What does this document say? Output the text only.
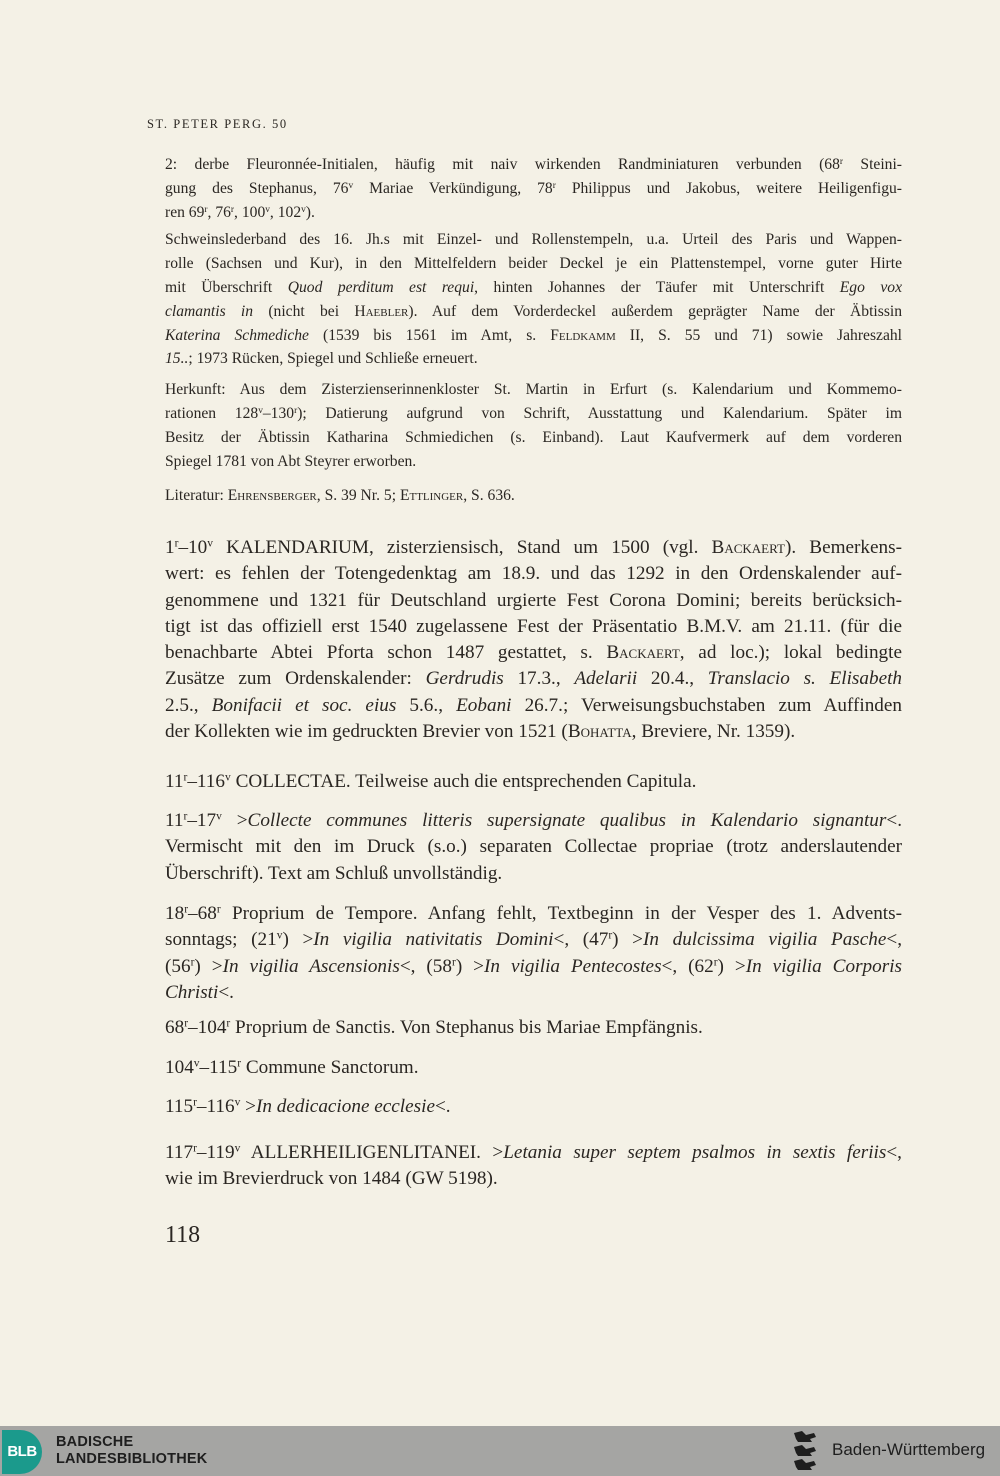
ST. PETER PERG. 50
2: derbe Fleuronnée-Initialen, häufig mit naiv wirkenden Randminiaturen verbunden (68$^r$ Steini-
gung des Stephanus, 76$^v$ Mariae Verkündigung, 78$^r$ Philippus und Jakobus, weitere Heiligenfigu-
ren 69$^r$, 76$^r$, 100$^v$, 102$^v$).
Schweinslederband des 16. Jh.s mit Einzel- und Rollenstempeln, u.a. Urteil des Paris und Wappen-
rolle (Sachsen und Kur), in den Mittelfeldern beider Deckel je ein Plattenstempel, vorne guter Hirte
mit Überschrift Quod perditum est requi, hinten Johannes der Täufer mit Unterschrift Ego vox
clamantis in (nicht bei Haebler). Auf dem Vorderdeckel außerdem geprägter Name der Äbtissin
Katerina Schmediche (1539 bis 1561 im Amt, s. Feldkamm II, S. 55 und 71) sowie Jahreszahl
15..; 1973 Rücken, Spiegel und Schließe erneuert.
Herkunft: Aus dem Zisterzienserinnenkloster St. Martin in Erfurt (s. Kalendarium und Kommemo-
rationen 128$^v$–130$^r$); Datierung aufgrund von Schrift, Ausstattung und Kalendarium. Später im
Besitz der Äbtissin Katharina Schmiedichen (s. Einband). Laut Kaufvermerk auf dem vorderen
Spiegel 1781 von Abt Steyrer erworben.
Literatur: Ehrensberger, S. 39 Nr. 5; Ettlinger, S. 636.
1$^r$–10$^v$ KALENDARIUM, zisterziensisch, Stand um 1500 (vgl. Backaert). Bemerkens-
wert: es fehlen der Totengedenktag am 18.9. und das 1292 in den Ordenskalender auf-
genommene und 1321 für Deutschland urgierte Fest Corona Domini; bereits berücksich-
tigt ist das offiziell erst 1540 zugelassene Fest der Präsentatio B.M.V. am 21.11. (für die
benachbarte Abtei Pforta schon 1487 gestattet, s. Backaert, ad loc.); lokal bedingte
Zusätze zum Ordenskalender: Gerdrudis 17.3., Adelarii 20.4., Translacio s. Elisabeth
2.5., Bonifacii et soc. eius 5.6., Eobani 26.7.; Verweisungsbuchstaben zum Auffinden
der Kollekten wie im gedruckten Brevier von 1521 (Bohatta, Breviere, Nr. 1359).
11$^r$–116$^v$ COLLECTAE. Teilweise auch die entsprechenden Capitula.
$11^r-17^v$ >Collecte communes litteris supersignate qualibus in Kalendario signantur<.
Vermischt mit den im Druck (s.o.) separaten Collectae propriae (trotz anderslautender
Überschrift). Text am Schluß unvollständig.
18$^r$–68$^r$ Proprium de Tempore. Anfang fehlt, Textbeginn in der Vesper des 1. Advents-
sonntags; $(21^v) >In$ vigilia nativitatis Domini<, $(47^r) >In$ dulcissima vigilia Pasche<,
$(56^r) >In$ vigilia Ascensionis<, $(58^r) >In$ vigilia Pentecostes<, $(62^r) >In$ vigilia Corporis
Christi<.
68$^r$–104$^r$ Proprium de Sanctis. Von Stephanus bis Mariae Empfängnis.
104$^v$–115$^r$ Commune Sanctorum.
$115^r-116^v >In$ dedicacione ecclesie<.
117$^r$–119$^v$ ALLERHEILIGENLITANEI. >Letania super septem psalmos in sextis feriis<,
wie im Brevierdruck von 1484 (GW 5198).
118
BLB
BADISCHE
LANDESBIBLIOTHEK	Baden-Württemberg
